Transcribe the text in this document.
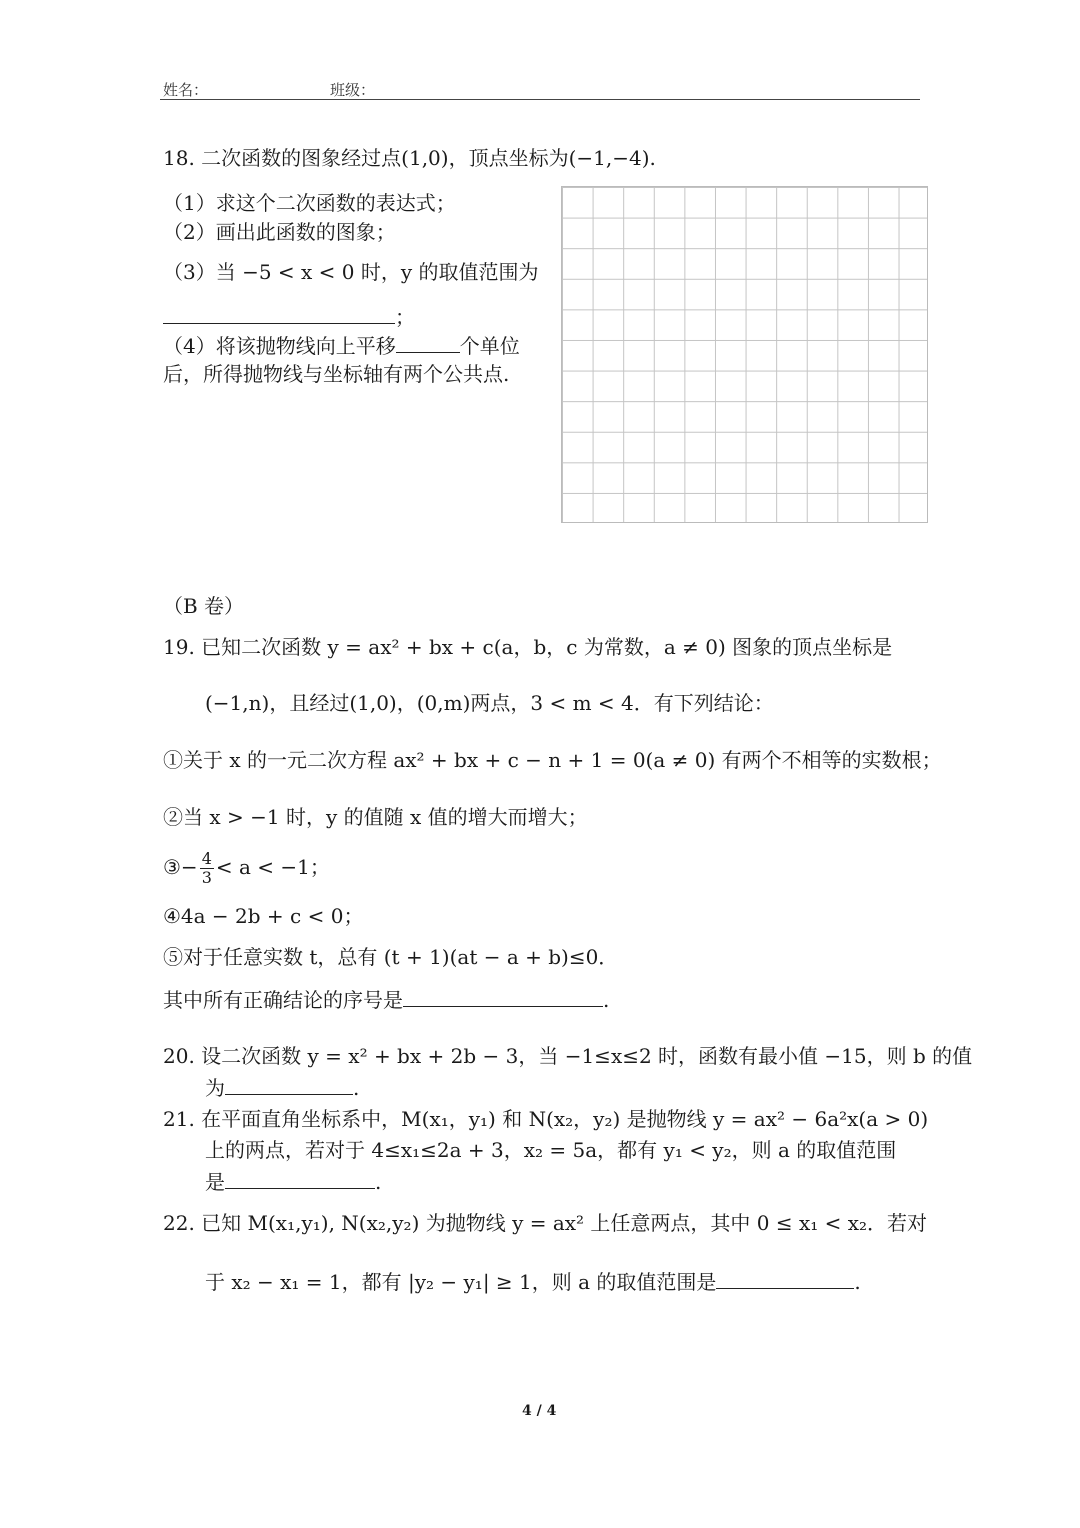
姓名：	班级：
18. 二次函数的图象经过点(1,0)，顶点坐标为(−1,−4).
（1）求这个二次函数的表达式；
（2）画出此函数的图象；
（3）当 −5 < x < 0 时，y 的取值范围为
；
（4）将该抛物线向上平移	个单位
后，所得抛物线与坐标轴有两个公共点.
（B 卷）
19. 已知二次函数 y = ax² + bx + c(a，b，c 为常数，a ≠ 0) 图象的顶点坐标是
(−1,n)，且经过(1,0)，(0,m)两点，3 < m < 4．有下列结论：
①关于 x 的一元二次方程 ax² + bx + c − n + 1 = 0(a ≠ 0) 有两个不相等的实数根；
②当 x > −1 时，y 的值随 x 值的增大而增大；
③− $\frac{4}{3} < a < -1$；
④4a − 2b + c < 0；
⑤对于任意实数 t，总有 (t + 1)(at − a + b)≤0．
其中所有正确结论的序号是	.
20. 设二次函数 y = x² + bx + 2b − 3，当 −1≤x≤2 时，函数有最小值 −15，则 b 的值
为	.
21. 在平面直角坐标系中，M(x₁，y₁) 和 N(x₂，y₂) 是抛物线 y = ax² − 6a²x(a > 0)
上的两点，若对于 4≤x₁≤2a + 3，x₂ = 5a，都有 y₁ < y₂，则 a 的取值范围
是	.
22. 已知 M(x₁,y₁), N(x₂,y₂) 为抛物线 y = ax² 上任意两点，其中 0 ≤ x₁ < x₂．若对
于 x₂ − x₁ = 1，都有 |y₂ − y₁| ≥ 1，则 a 的取值范围是	.
4 / 4
